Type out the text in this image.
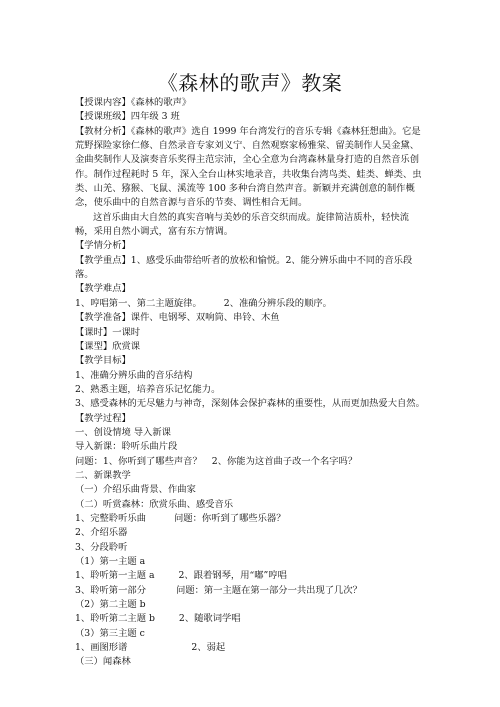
《森林的歌声》教案
【授课内容】《森林的歌声》
【授课班级】四年级 3 班
【教材分析】《森林的歌声》选自 1999 年台湾发行的音乐专辑《森林狂想曲》。它是荒野探险家徐仁修、自然录音专家刘义宁、自然观察家杨雅棠、留美制作人吴金黛、金曲奖制作人及演奏音乐奖得主范宗沛，全心全意为台湾森林量身打造的自然音乐创作。制作过程耗时 5 年，深入全台山林实地录音，共收集台湾鸟类、蛙类、蝉类、虫类、山羌、猕猴、飞鼠、溪流等 100 多种台湾自然声音。新颖并充满创意的制作概念，使乐曲中的自然音源与音乐的节奏、调性相合无间。
这首乐曲由大自然的真实音响与美妙的乐音交织而成。旋律简洁质朴，轻快流畅，采用自然小调式，富有东方情调。
【学情分析】
【教学重点】1、感受乐曲带给听者的放松和愉悦。2、能分辨乐曲中不同的音乐段落。
【教学难点】
1、哼唱第一、第二主题旋律。 2、准确分辨乐段的顺序。
【教学准备】课件、电钢琴、双响筒、串铃、木鱼
【课时】一课时
【课型】欣赏课
【教学目标】
1、准确分辨乐曲的音乐结构
2、熟悉主题，培养音乐记忆能力。
3、感受森林的无尽魅力与神奇，深刻体会保护森林的重要性，从而更加热爱大自然。
【教学过程】
一、创设情境 导入新课
导入新课：聆听乐曲片段
问题：1、你听到了哪些声音？ 2、你能为这首曲子改一个名字吗？
二、新课教学
（一）介绍乐曲背景、作曲家
（二）听赏森林：欣赏乐曲、感受音乐
1、完整聆听乐曲	问题：你听到了哪些乐器？
2、介绍乐器
3、分段聆听
（1）第一主题 a
1、聆听第一主题 a	2、跟着钢琴，用“嘟”哼唱
3、聆听第一部分	问题：第一主题在第一部分一共出现了几次？
（2）第二主题 b
1、聆听第二主题 b	2、随歌词学唱
（3）第三主题 c
1、画图形谱	2、弱起
（三）闻森林
